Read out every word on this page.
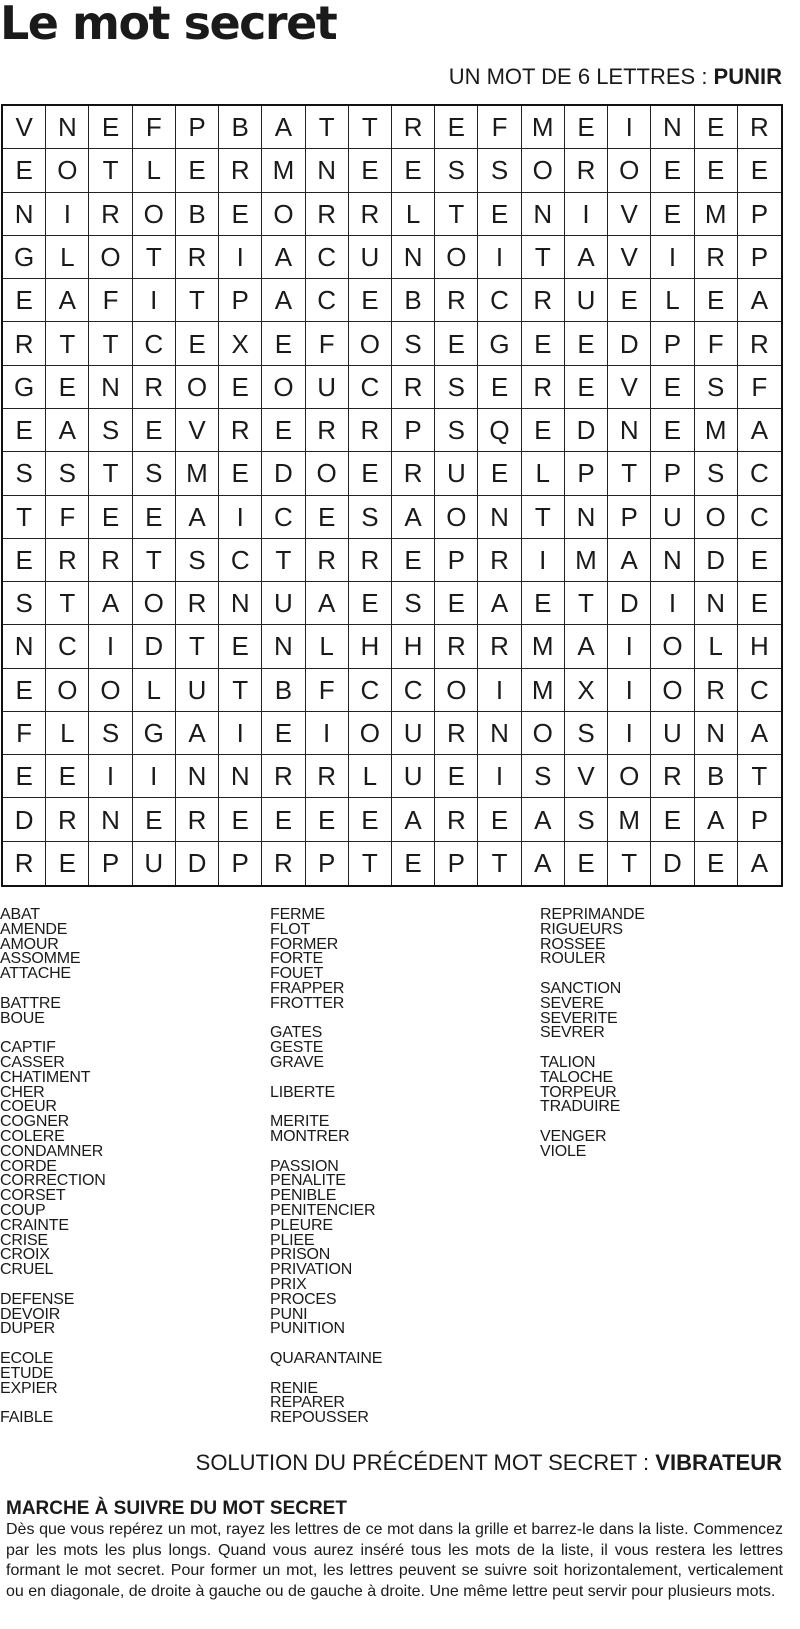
Le mot secret
UN MOT DE 6 LETTRES : PUNIR
V N E	F	P B A	T	T R E	F M E	I	N E R
E O T	L	E R M N E E S S O R O E E	E
N	I	R O B E O R R	L	T	E N	I	V E M P
G L O T R	I	A C U N O	I	T	A V	I	R P
E A	F	I	T	P A C E B R C R U E	L	E	A
R T	T C E X E	F O S E G E E D P	F	R
G E N R O E O U C R S E R E V E S	F
E A S E V R E R R P S Q E D N E M A
S S	T	S M E D O E R U E	L	P	T	P S C
T	F	E E A	I	C E S A O N T N P U O C
E R R T	S C T R R E P R	I	M A N D E
S	T	A O R N U A E S E A E	T D	I	N E
N C	I	D T	E N	L	H H R R M A	I	O L	H
E O O L	U T	B	F C C O	I	M X	I	O R C
F	L	S G A	I	E	I	O U R N O S	I	U N A
E E	I	I	N N R R	L	U E	I	S V O R B	T
D R N E R E E E E A R E A S M E A	P
R E P U D P R P	T	E P	T	A E	T D E	A
ABAT
AMENDE
AMOUR
ASSOMME
ATTACHE
BATTRE
BOUE
CAPTIF
CASSER
CHATIMENT
CHER
COEUR
COGNER
COLERE
CONDAMNER
CORDE
CORRECTION
CORSET
COUP
CRAINTE
CRISE
CROIX
CRUEL
DEFENSE
DEVOIR
DUPER
ECOLE
ETUDE
EXPIER
FAIBLE
FERME
FLOT
FORMER
FORTE
FOUET
FRAPPER
FROTTER
GATES
GESTE
GRAVE
LIBERTE
MERITE
MONTRER
PASSION
PENALITE
PENIBLE
PENITENCIER
PLEURE
PLIEE
PRISON
PRIVATION
PRIX
PROCES
PUNI
PUNITION
QUARANTAINE
RENIE
REPARER
REPOUSSER
REPRIMANDE
RIGUEURS
ROSSEE
ROULER
SANCTION
SEVERE
SEVERITE
SEVRER
TALION
TALOCHE
TORPEUR
TRADUIRE
VENGER
VIOLE
SOLUTION DU PRÉCÉDENT MOT SECRET : VIBRATEUR
MARCHE À SUIVRE DU MOT SECRET
Dès que vous repérez un mot, rayez les lettres de ce mot dans la grille et barrez-le dans la liste. Commencez par les mots les plus longs. Quand vous aurez inséré tous les mots de la liste, il vous restera les lettres formant le mot secret. Pour former un mot, les lettres peuvent se suivre soit horizontalement, verticalement ou en diagonale, de droite à gauche ou de gauche à droite. Une même lettre peut servir pour plusieurs mots.
